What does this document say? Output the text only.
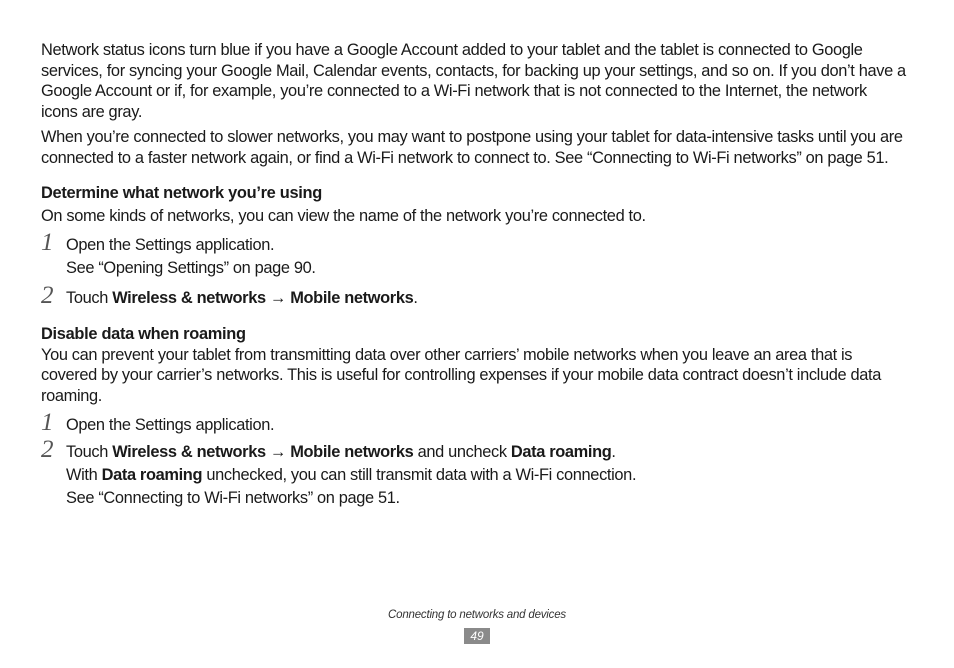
Network status icons turn blue if you have a Google Account added to your tablet and the tablet is connected to Google services, for syncing your Google Mail, Calendar events, contacts, for backing up your settings, and so on. If you don’t have a Google Account or if, for example, you’re connected to a Wi-Fi network that is not connected to the Internet, the network icons are gray.

When you’re connected to slower networks, you may want to postpone using your tablet for data-intensive tasks until you are connected to a faster network again, or find a Wi-Fi network to connect to. See “Connecting to Wi-Fi networks” on page 51.

Determine what network you’re using

On some kinds of networks, you can view the name of the network you’re connected to.

1 Open the Settings application.

See “Opening Settings” on page 90.

2 Touch Wireless & networks → Mobile networks.

Disable data when roaming

You can prevent your tablet from transmitting data over other carriers’ mobile networks when you leave an area that is covered by your carrier’s networks. This is useful for controlling expenses if your mobile data contract doesn’t include data roaming.

1 Open the Settings application.

2 Touch Wireless & networks → Mobile networks and uncheck Data roaming.

With Data roaming unchecked, you can still transmit data with a Wi-Fi connection.

See “Connecting to Wi-Fi networks” on page 51.

Connecting to networks and devices
49
